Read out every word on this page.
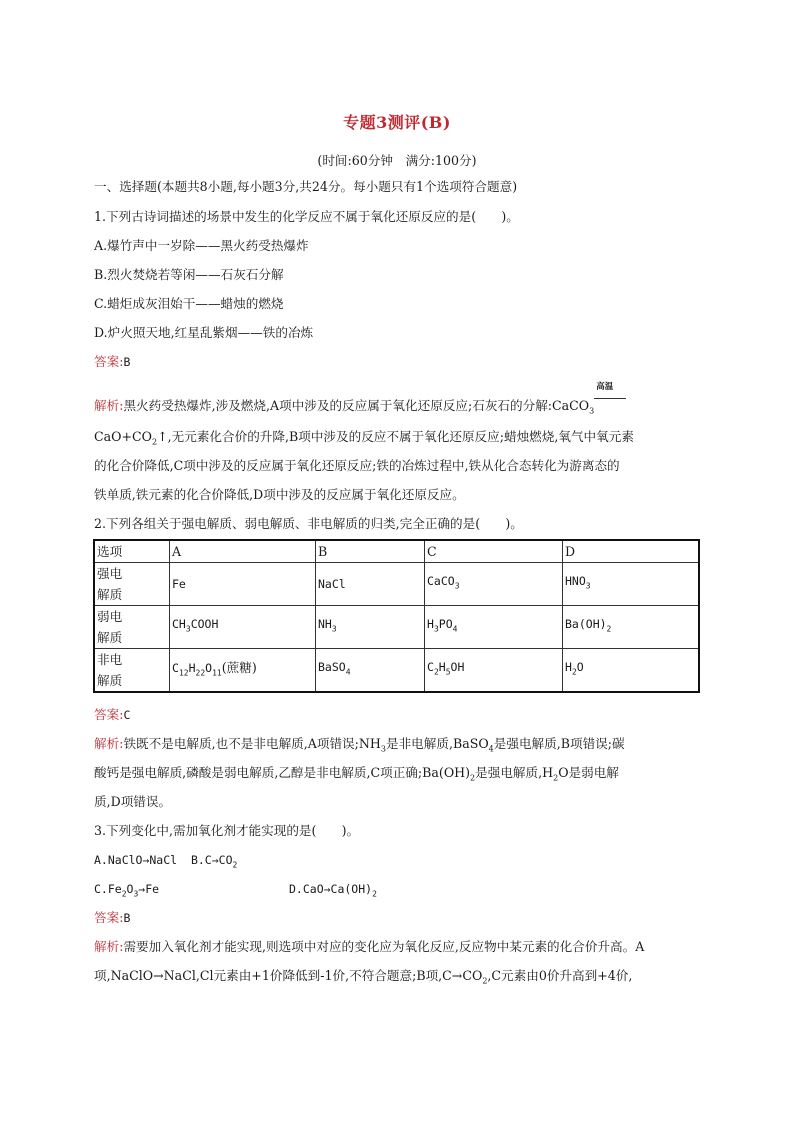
专题3测评(B)
(时间:60分钟　满分:100分)
一、选择题(本题共8小题,每小题3分,共24分。每小题只有1个选项符合题意)
1.下列古诗词描述的场景中发生的化学反应不属于氧化还原反应的是(　　)。
A.爆竹声中一岁除——黑火药受热爆炸
B.烈火焚烧若等闲——石灰石分解
C.蜡炬成灰泪始干——蜡烛的燃烧
D.炉火照天地,红星乱紫烟——铁的冶炼
答案:B
解析:黑火药受热爆炸,涉及燃烧,A项中涉及的反应属于氧化还原反应;石灰石的分解:CaCO$_3$
高温
$CaO+CO_2↑$,无元素化合价的升降,B项中涉及的反应不属于氧化还原反应;蜡烛燃烧,氧气中氧元素
的化合价降低,C项中涉及的反应属于氧化还原反应;铁的冶炼过程中,铁从化合态转化为游离态的
铁单质,铁元素的化合价降低,D项中涉及的反应属于氧化还原反应。
2.下列各组关于强电解质、弱电解质、非电解质的归类,完全正确的是(　　)。
选项	A	B	C	D
强电
解质	Fe	NaCl	CaCO$_3$	$HNO_3$
弱电
解质	$CH_3COOH$	$NH_3$	$H_3PO_4$	$Ba(OH)_2$
非电
解质	$C_{12}H_{22}O_{11}$(蔗糖)	BaSO$_4$	$C_2H_5OH$	$H_2O$
答案:C
解析:铁既不是电解质,也不是非电解质,A项错误$;NH_3$是非电解质,BaSO$_4$是强电解质,B项错误;碳
酸钙是强电解质,磷酸是弱电解质,乙醇是非电解质,C项正确$;Ba(OH)_2$是强电解质$,H_2O$是弱电解
质,D项错误。
3.下列变化中,需加氧化剂才能实现的是(　　)。
A.NaClO→NaCl $B.C\to CO_2$
$C.Fe_2O_3\to Fe$	$D.CaO\to Ca(OH)_2$
答案:B
解析:需要加入氧化剂才能实现,则选项中对应的变化应为氧化反应,反应物中某元素的化合价升高。A
项,NaClO→NaCl,Cl元素由+1价降低到-1价,不符合题意;B项$,C\to CO_2,C$元素由0价升高到+4价,
